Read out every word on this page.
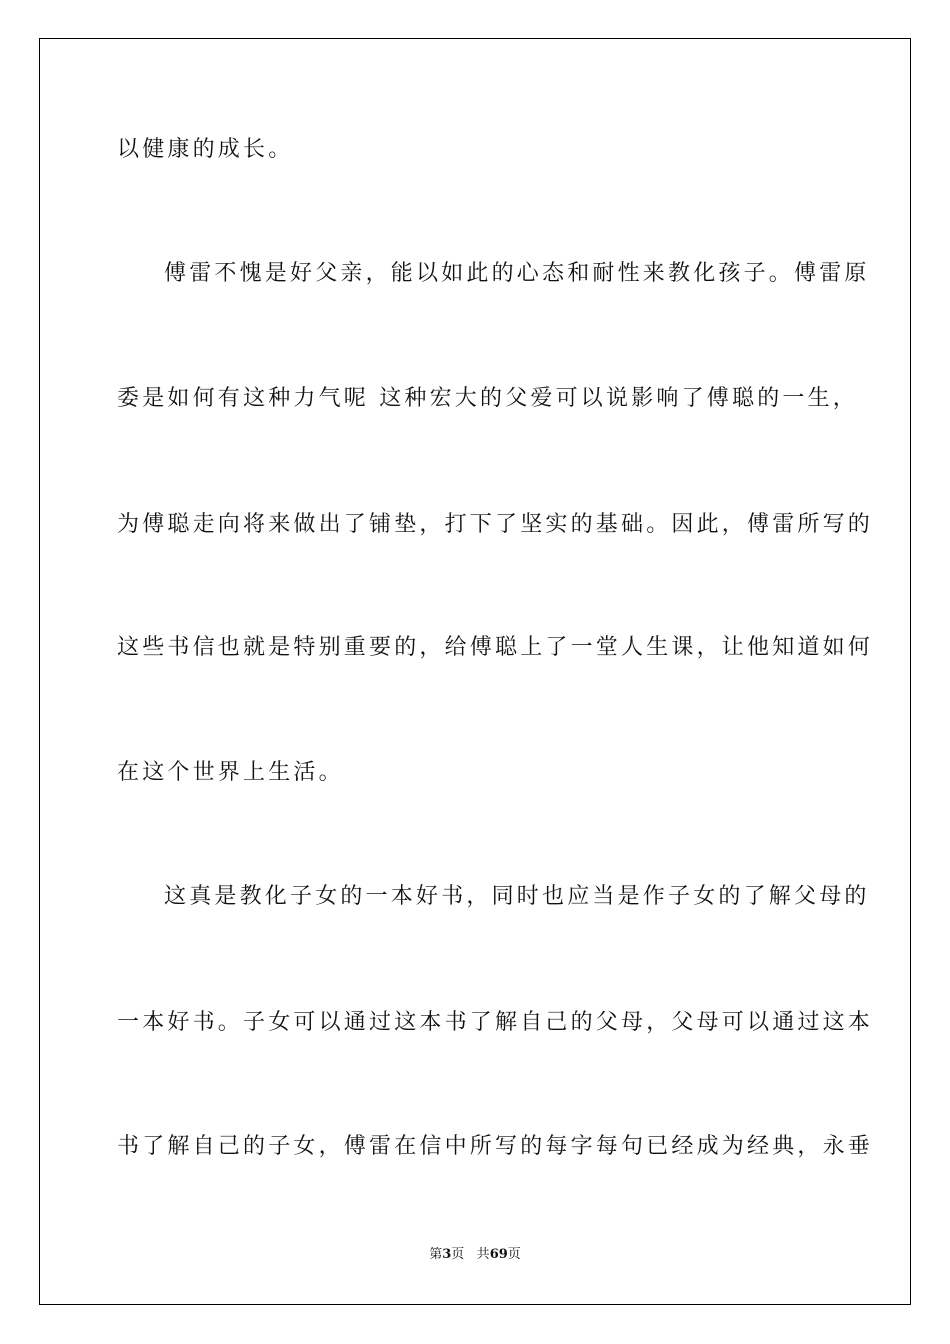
以健康的成长。
傅雷不愧是好父亲，能以如此的心态和耐性来教化孩子。傅雷原
委是如何有这种力气呢 这种宏大的父爱可以说影响了傅聪的一生，
为傅聪走向将来做出了铺垫，打下了坚实的基础。因此，傅雷所写的
这些书信也就是特别重要的，给傅聪上了一堂人生课，让他知道如何
在这个世界上生活。
这真是教化子女的一本好书，同时也应当是作子女的了解父母的
一本好书。子女可以通过这本书了解自己的父母，父母可以通过这本
书了解自己的子女，傅雷在信中所写的每字每句已经成为经典，永垂
第3页 共69页
